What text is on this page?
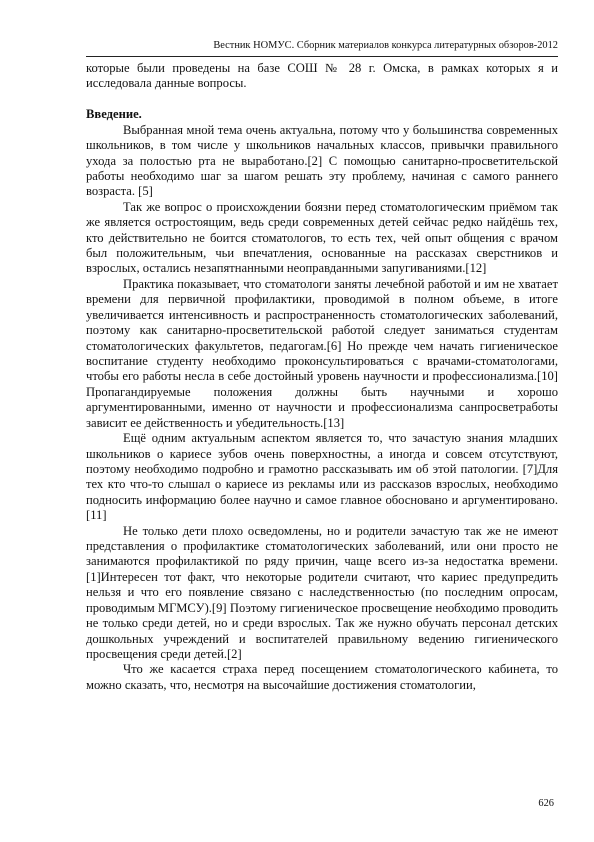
Вестник НОМУС. Сборник материалов конкурса литературных обзоров-2012

которые были проведены на базе СОШ № 28 г. Омска, в рамках которых я и исследовала данные вопросы.

Введение.

Выбранная мной тема очень актуальна, потому что у большинства современных школьников, в том числе у школьников начальных классов, привычки правильного ухода за полостью рта не выработано.[2] С помощью санитарно-просветительской работы необходимо шаг за шагом решать эту проблему, начиная с самого раннего возраста. [5]

Так же вопрос о происхождении боязни перед стоматологическим приёмом так же является остростоящим, ведь среди современных детей сейчас редко найдёшь тех, кто действительно не боится стоматологов, то есть тех, чей опыт общения с врачом был положительным, чьи впечатления, основанные на рассказах сверстников и взрослых, остались незапятнанными неоправданными запугиваниями.[12]

Практика показывает, что стоматологи заняты лечебной работой и им не хватает времени для первичной профилактики, проводимой в полном объеме, в итоге увеличивается интенсивность и распространенность стоматологических заболеваний, поэтому как санитарно-просветительской работой следует заниматься студентам стоматологических факультетов, педагогам.[6] Но прежде чем начать гигиеническое воспитание студенту необходимо проконсультироваться с врачами-стоматологами, чтобы его работы несла в себе достойный уровень научности и профессионализма.[10] Пропагандируемые положения должны быть научными и хорошо аргументированными, именно от научности и профессионализма санпросветработы зависит ее действенность и убедительность.[13]

Ещё одним актуальным аспектом является то, что зачастую знания младших школьников о кариесе зубов очень поверхностны, а иногда и совсем отсутствуют, поэтому необходимо подробно и грамотно рассказывать им об этой патологии. [7]Для тех кто что-то слышал о кариесе из рекламы или из рассказов взрослых, необходимо подносить информацию более научно и самое главное обосновано и аргументировано. [11]

Не только дети плохо осведомлены, но и родители зачастую так же не имеют представления о профилактике стоматологических заболеваний, или они просто не занимаются профилактикой по ряду причин, чаще всего из-за недостатка времени. [1]Интересен тот факт, что некоторые родители считают, что кариес предупредить нельзя и что его появление связано с наследственностью (по последним опросам, проводимым МГМСУ).[9] Поэтому гигиеническое просвещение необходимо проводить не только среди детей, но и среди взрослых. Так же нужно обучать персонал детских дошкольных учреждений и воспитателей правильному ведению гигиенического просвещения среди детей.[2]

Что же касается страха перед посещением стоматологического кабинета, то можно сказать, что, несмотря на высочайшие достижения стоматологии,

626
